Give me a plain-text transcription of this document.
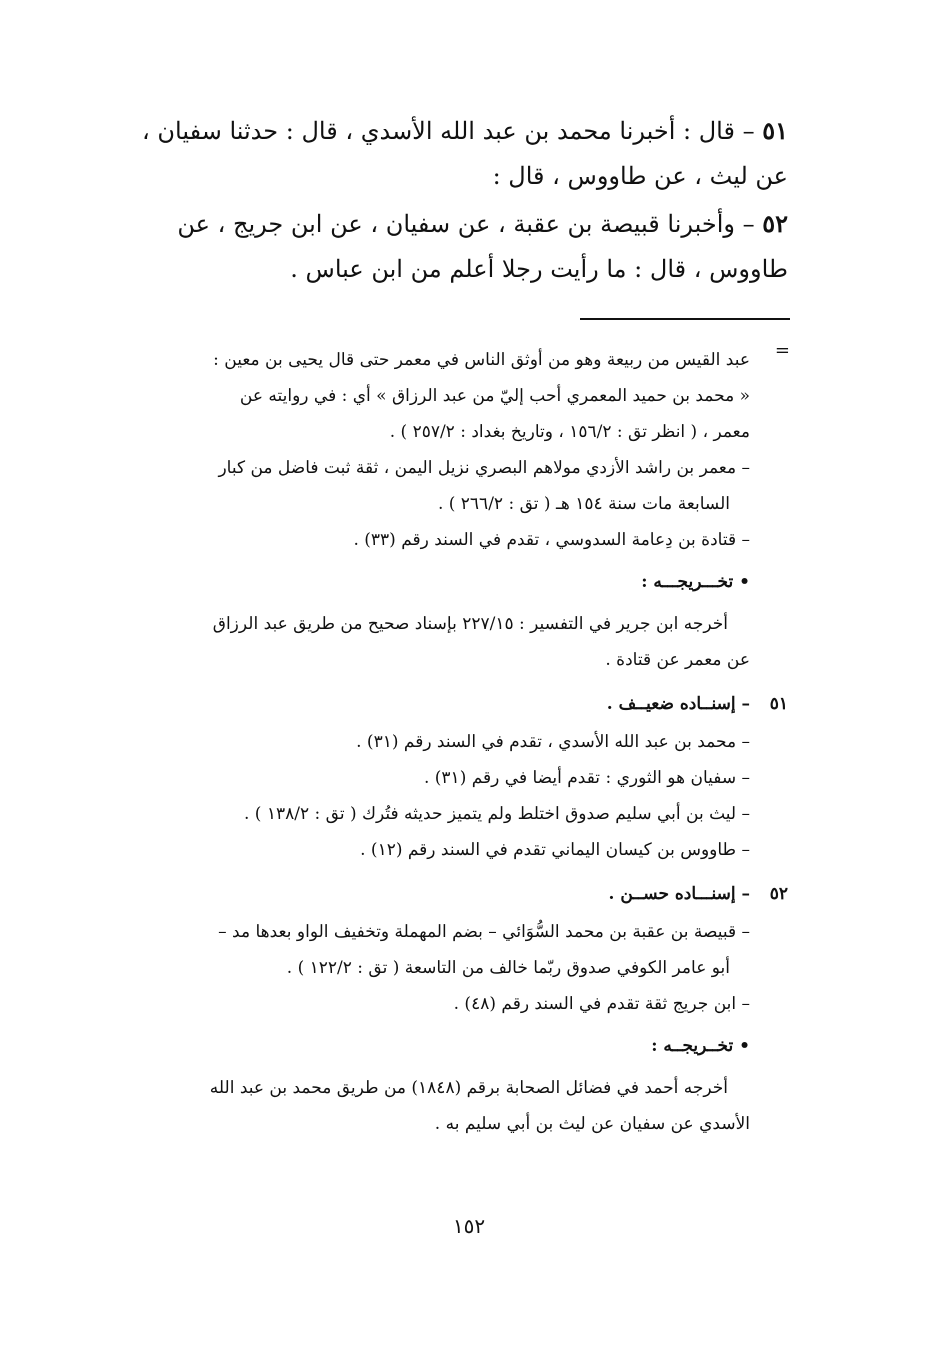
٥١ – قال : أخبرنا محمد بن عبد الله الأسدي ، قال : حدثنا سفيان ،
عن ليث ، عن طاووس ، قال :

٥٢ – وأخبرنا قبيصة بن عقبة ، عن سفيان ، عن ابن جريج ، عن
طاووس ، قال : ما رأيت رجلا أعلم من ابن عباس .

=
عبد القيس من ربيعة وهو من أوثق الناس في معمر حتى قال يحيى بن معين :
« محمد بن حميد المعمري أحب إليّ من عبد الرزاق » أي : في روايته عن
معمر ، ( انظر تق : ١٥٦/٢ ، وتاريخ بغداد : ٢٥٧/٢ ) .
– معمر بن راشد الأزدي مولاهم البصري نزيل اليمن ، ثقة ثبت فاضل من كبار
السابعة مات سنة ١٥٤ هـ ( تق : ٢٦٦/٢ ) .
– قتادة بن دِعامة السدوسي ، تقدم في السند رقم (٣٣) .
• تخـــريجـــه :
أخرجه ابن جرير في التفسير : ٢٢٧/١٥ بإسناد صحيح من طريق عبد الرزاق
عن معمر عن قتادة .
٥١– إسنــاده ضعيــف .
– محمد بن عبد الله الأسدي ، تقدم في السند رقم (٣١) .
– سفيان هو الثوري : تقدم أيضا في رقم (٣١) .
– ليث بن أبي سليم صدوق اختلط ولم يتميز حديثه فتُرك ( تق : ١٣٨/٢ ) .
– طاووس بن كيسان اليماني تقدم في السند رقم (١٢) .
٥٢– إسنـــاده حســن .
– قبيصة بن عقبة بن محمد السُّوَائي – بضم المهملة وتخفيف الواو بعدها مد –
أبو عامر الكوفي صدوق ربّما خالف من التاسعة ( تق : ١٢٢/٢ ) .
– ابن جريج ثقة تقدم في السند رقم (٤٨) .
• تخــريجــه :
أخرجه أحمد في فضائل الصحابة برقم (١٨٤٨) من طريق محمد بن عبد الله
الأسدي عن سفيان عن ليث بن أبي سليم به .
١٥٢
